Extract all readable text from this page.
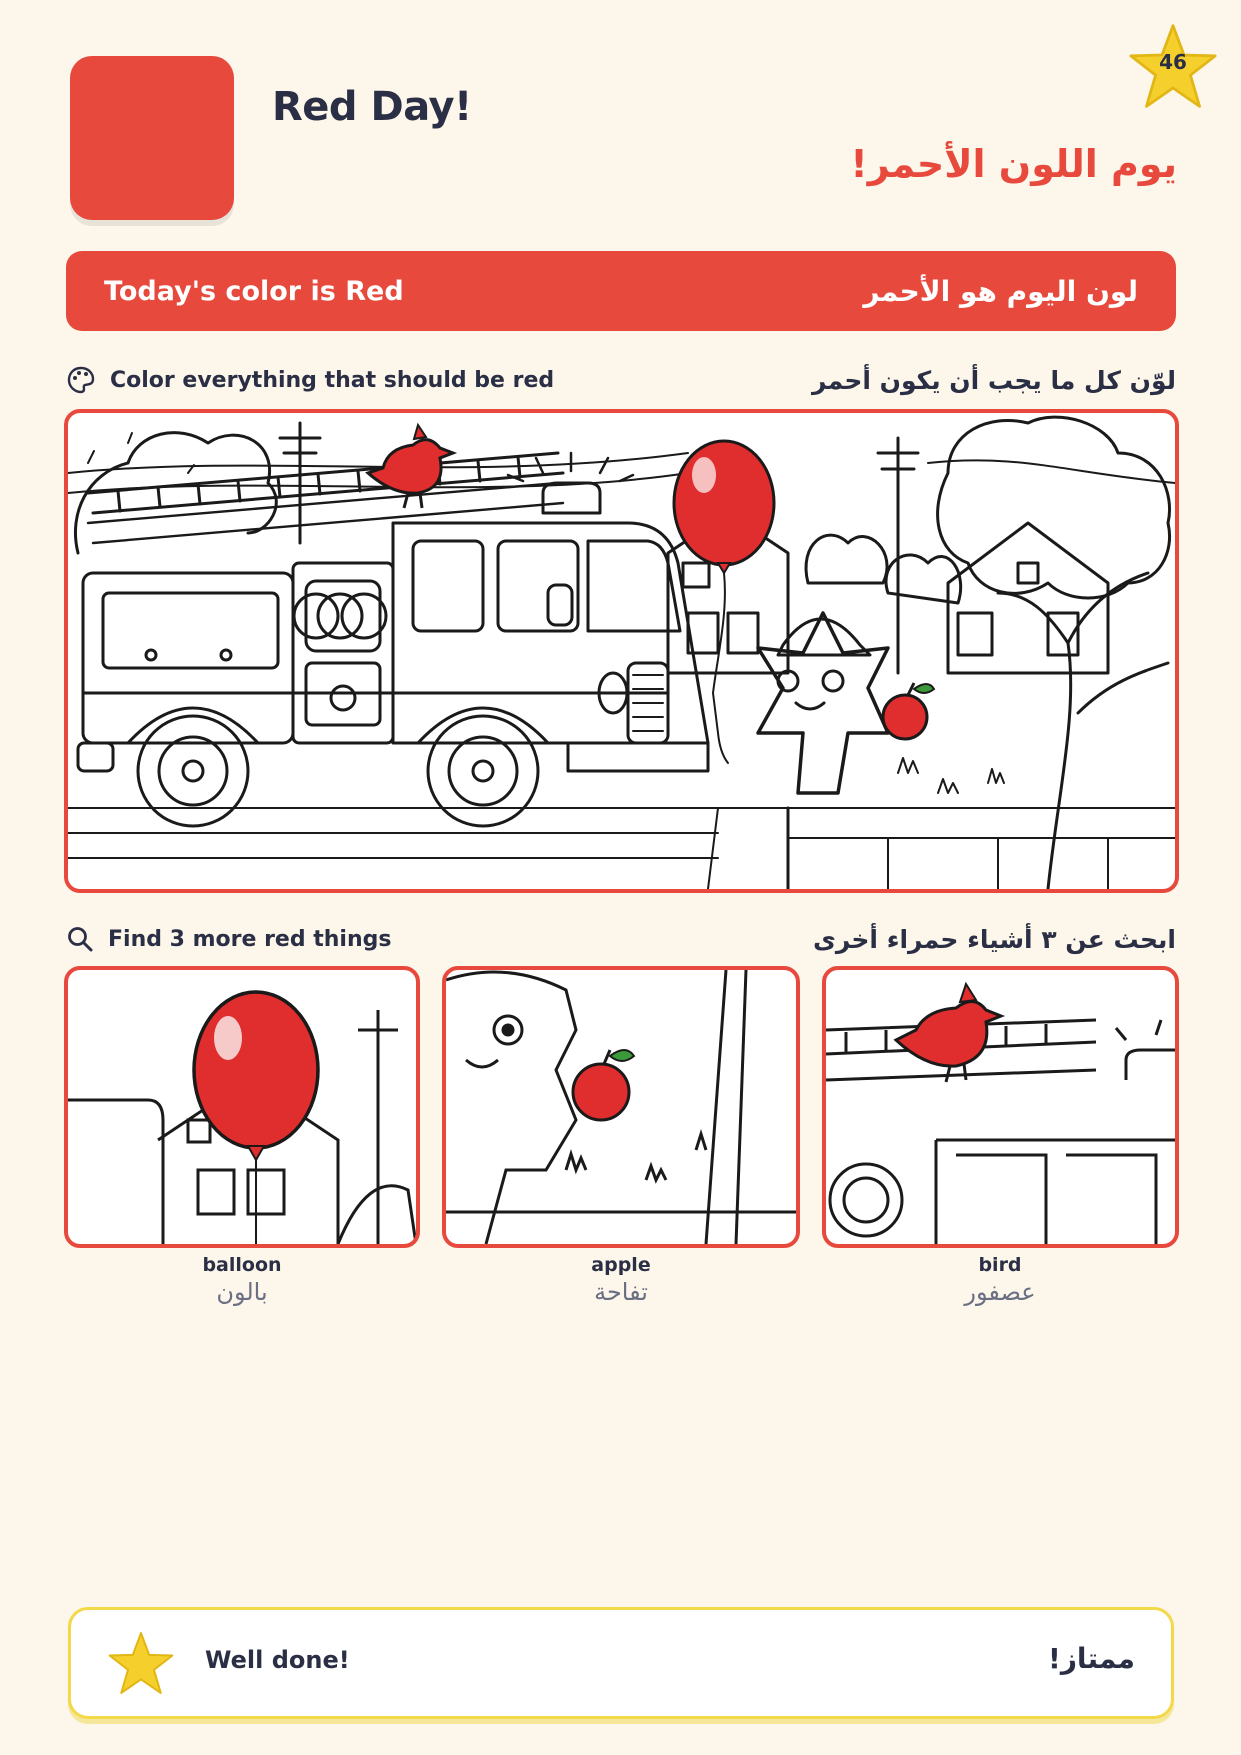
Red Day!
يوم اللون الأحمر!
46
Today's color is Red	لون اليوم هو الأحمر
Color everything that should be red	لوّن كل ما يجب أن يكون أحمر
Find 3 more red things	ابحث عن ٣ أشياء حمراء أخرى
balloon
بالون
apple
تفاحة
bird
عصفور
Well done!	ممتاز!
